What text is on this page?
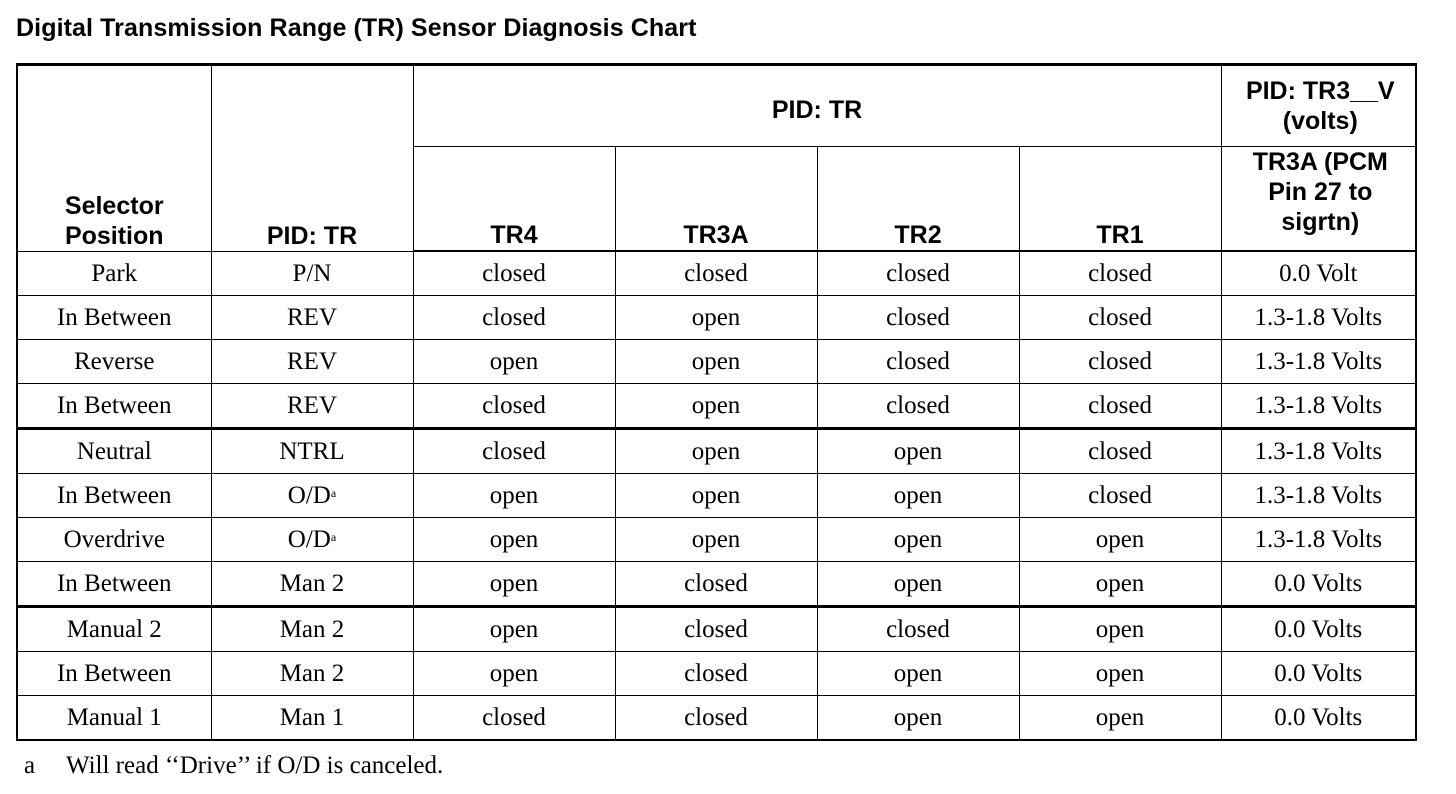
Digital Transmission Range (TR) Sensor Diagnosis Chart
Selector Position	PID: TR	PID: TR				PID: TR3__V (volts)
		TR4	TR3A	TR2	TR1	TR3A (PCM Pin 27 to sigrtn)
Park	P/N	closed	closed	closed	closed	0.0 Volt
In Between	REV	closed	open	closed	closed	1.3-1.8 Volts
Reverse	REV	open	open	closed	closed	1.3-1.8 Volts
In Between	REV	closed	open	closed	closed	1.3-1.8 Volts
Neutral	NTRL	closed	open	open	closed	1.3-1.8 Volts
In Between	O/D$^a$	open	open	open	closed	1.3-1.8 Volts
Overdrive	O/D$^a$	open	open	open	open	1.3-1.8 Volts
In Between	Man 2	open	closed	open	open	0.0 Volts
Manual 2	Man 2	open	closed	closed	open	0.0 Volts
In Between	Man 2	open	closed	open	open	0.0 Volts
Manual 1	Man 1	closed	closed	open	open	0.0 Volts
a Will read ‘‘Drive’’ if O/D is canceled.
